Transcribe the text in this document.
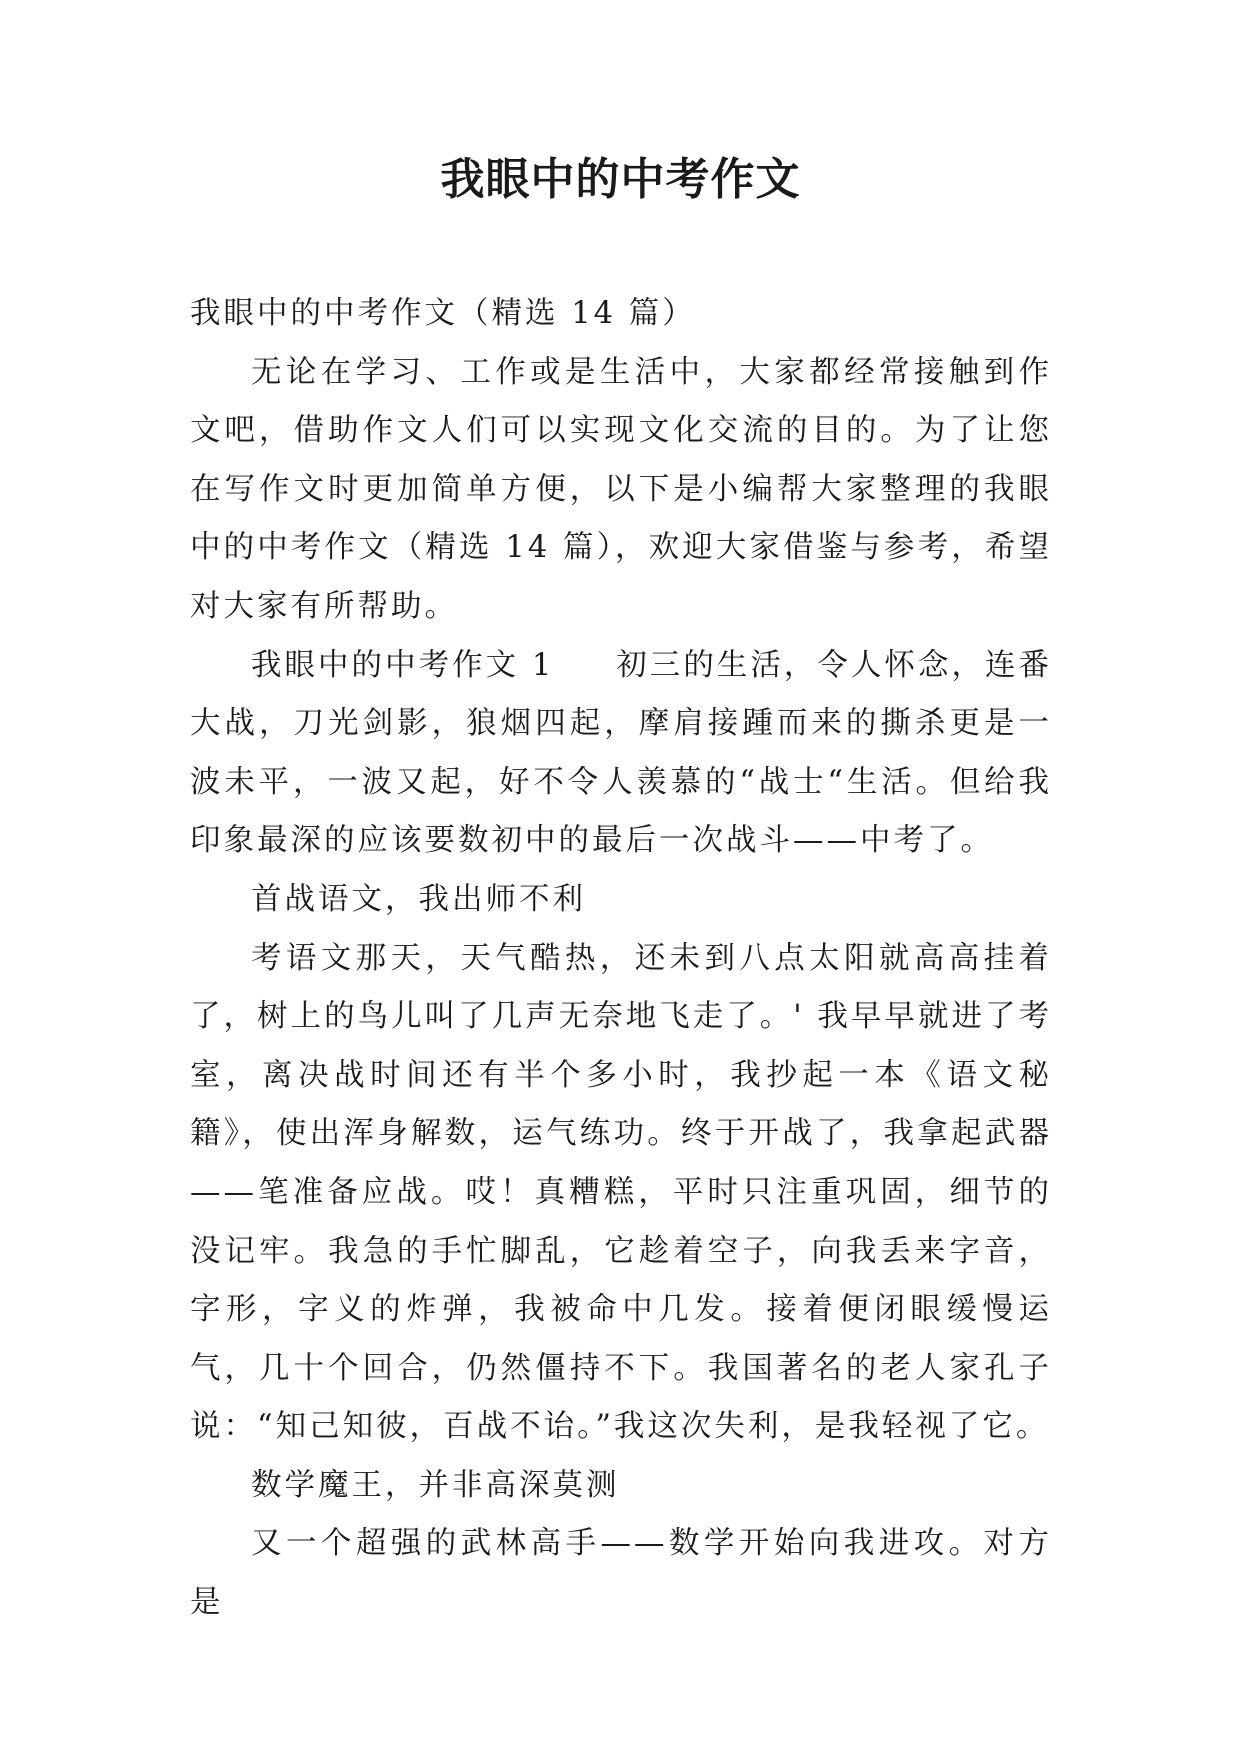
我眼中的中考作文

我眼中的中考作文（精选 14 篇）

无论在学习、工作或是生活中，大家都经常接触到作文吧，借助作文人们可以实现文化交流的目的。为了让您在写作文时更加简单方便，以下是小编帮大家整理的我眼中的中考作文（精选 14 篇），欢迎大家借鉴与参考，希望对大家有所帮助。

我眼中的中考作文 1 初三的生活，令人怀念，连番大战，刀光剑影，狼烟四起，摩肩接踵而来的撕杀更是一波未平，一波又起，好不令人羡慕的“战士“生活。但给我印象最深的应该要数初中的最后一次战斗——中考了。

首战语文，我出师不利

考语文那天，天气酷热，还未到八点太阳就高高挂着了，树上的鸟儿叫了几声无奈地飞走了。' 我早早就进了考室，离决战时间还有半个多小时，我抄起一本《语文秘籍》，使出浑身解数，运气练功。终于开战了，我拿起武器——笔准备应战。哎！真糟糕，平时只注重巩固，细节的没记牢。我急的手忙脚乱，它趁着空子，向我丢来字音，字形，字义的炸弹，我被命中几发。接着便闭眼缓慢运气，几十个回合，仍然僵持不下。我国著名的老人家孔子说：“知己知彼，百战不诒。”我这次失利，是我轻视了它。

数学魔王，并非高深莫测

又一个超强的武林高手——数学开始向我进攻。对方是
